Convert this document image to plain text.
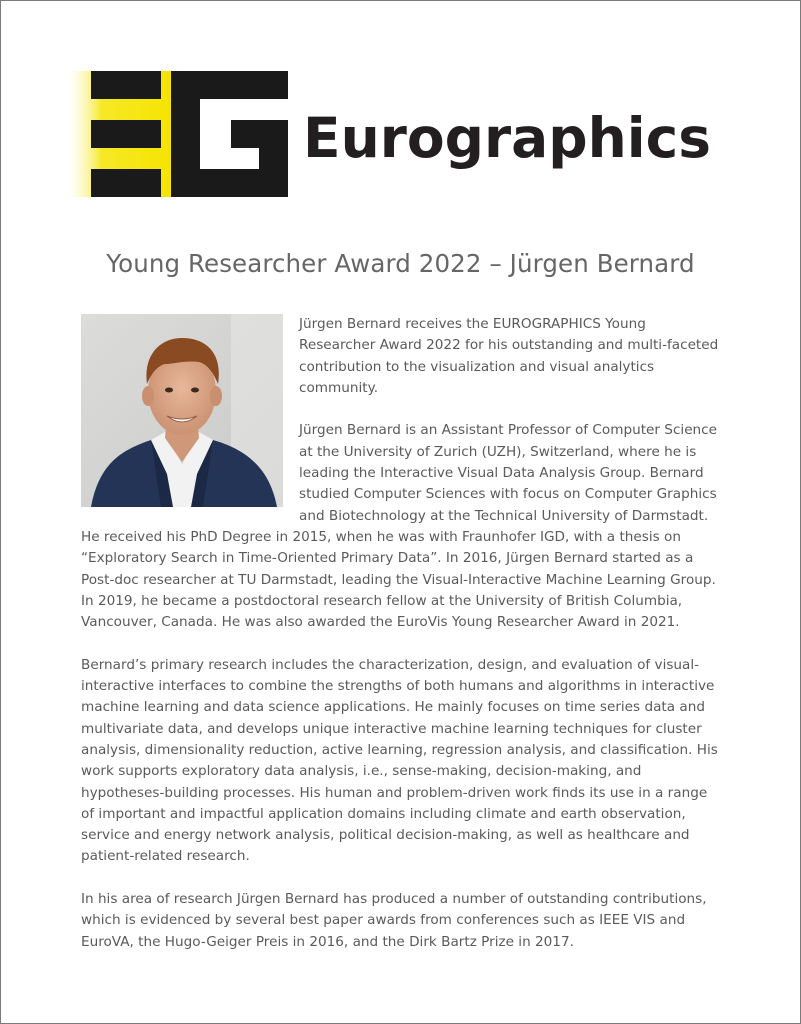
Eurographics
Young Researcher Award 2022 – Jürgen Bernard

Jürgen Bernard receives the EUROGRAPHICS Young Researcher Award 2022 for his outstanding and multi-faceted contribution to the visualization and visual analytics community.

Jürgen Bernard is an Assistant Professor of Computer Science at the University of Zurich (UZH), Switzerland, where he is leading the Interactive Visual Data Analysis Group. Bernard studied Computer Sciences with focus on Computer Graphics and Biotechnology at the Technical University of Darmstadt. He received his PhD Degree in 2015, when he was with Fraunhofer IGD, with a thesis on “Exploratory Search in Time-Oriented Primary Data”. In 2016, Jürgen Bernard started as a Post-doc researcher at TU Darmstadt, leading the Visual-Interactive Machine Learning Group. In 2019, he became a postdoctoral research fellow at the University of British Columbia, Vancouver, Canada. He was also awarded the EuroVis Young Researcher Award in 2021.

Bernard’s primary research includes the characterization, design, and evaluation of visual-interactive interfaces to combine the strengths of both humans and algorithms in interactive machine learning and data science applications. He mainly focuses on time series data and multivariate data, and develops unique interactive machine learning techniques for cluster analysis, dimensionality reduction, active learning, regression analysis, and classification. His work supports exploratory data analysis, i.e., sense-making, decision-making, and hypotheses-building processes. His human and problem-driven work finds its use in a range of important and impactful application domains including climate and earth observation, service and energy network analysis, political decision-making, as well as healthcare and patient-related research.

In his area of research Jürgen Bernard has produced a number of outstanding contributions, which is evidenced by several best paper awards from conferences such as IEEE VIS and EuroVA, the Hugo-Geiger Preis in 2016, and the Dirk Bartz Prize in 2017.
